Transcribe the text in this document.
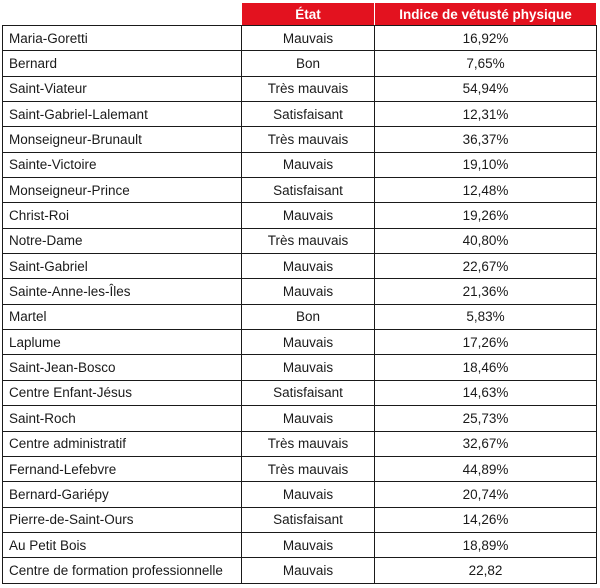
	État	Indice de vétusté physique
Maria-Goretti	Mauvais	16,92%
Bernard	Bon	7,65%
Saint-Viateur	Très mauvais	54,94%
Saint-Gabriel-Lalemant	Satisfaisant	12,31%
Monseigneur-Brunault	Très mauvais	36,37%
Sainte-Victoire	Mauvais	19,10%
Monseigneur-Prince	Satisfaisant	12,48%
Christ-Roi	Mauvais	19,26%
Notre-Dame	Très mauvais	40,80%
Saint-Gabriel	Mauvais	22,67%
Sainte-Anne-les-Îles	Mauvais	21,36%
Martel	Bon	5,83%
Laplume	Mauvais	17,26%
Saint-Jean-Bosco	Mauvais	18,46%
Centre Enfant-Jésus	Satisfaisant	14,63%
Saint-Roch	Mauvais	25,73%
Centre administratif	Très mauvais	32,67%
Fernand-Lefebvre	Très mauvais	44,89%
Bernard-Gariépy	Mauvais	20,74%
Pierre-de-Saint-Ours	Satisfaisant	14,26%
Au Petit Bois	Mauvais	18,89%
Centre de formation professionnelle	Mauvais	22,82
